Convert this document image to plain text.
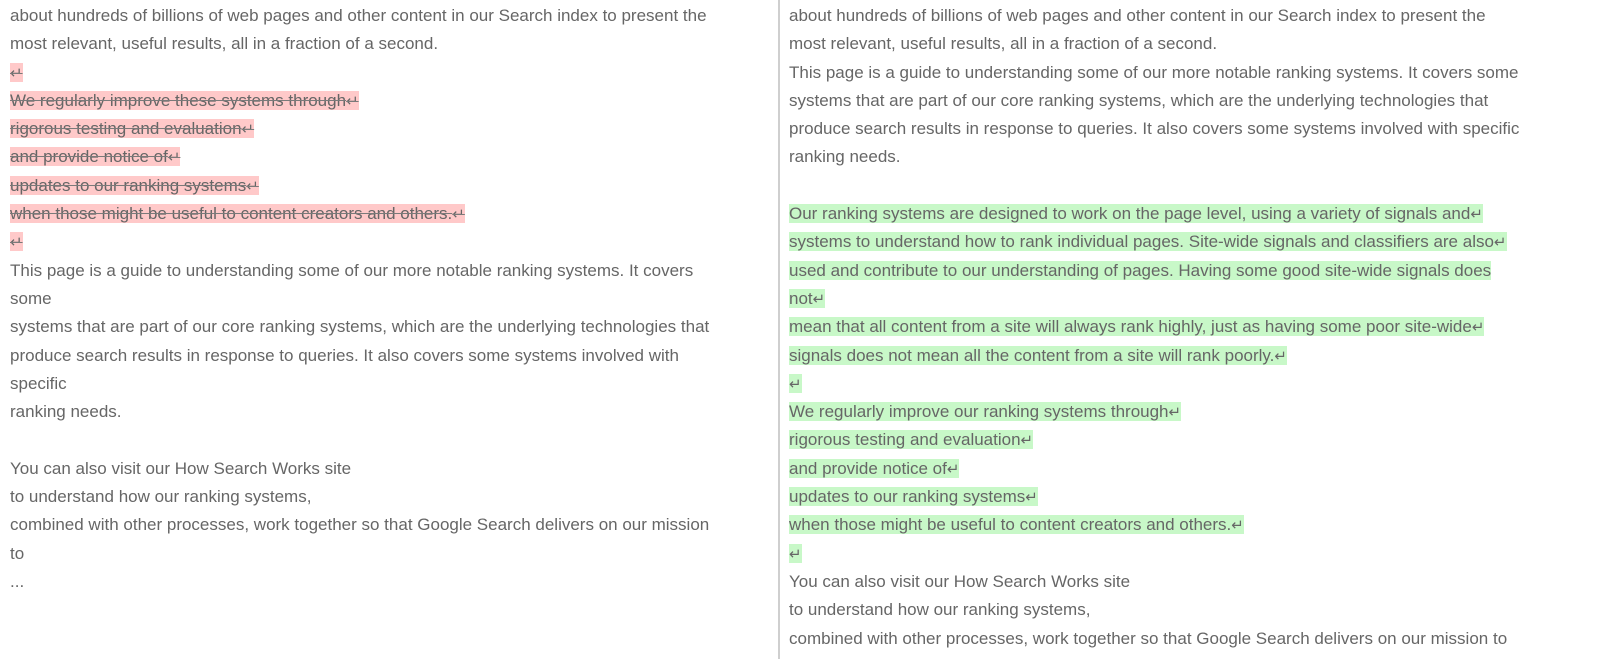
about hundreds of billions of web pages and other content in our Search index to present the
most relevant, useful results, all in a fraction of a second.
↵
We regularly improve these systems through↵
rigorous testing and evaluation↵
and provide notice of↵
updates to our ranking systems↵
when those might be useful to content creators and others.↵
↵
This page is a guide to understanding some of our more notable ranking systems. It covers
some
systems that are part of our core ranking systems, which are the underlying technologies that
produce search results in response to queries. It also covers some systems involved with
specific
ranking needs.
You can also visit our How Search Works site
to understand how our ranking systems,
combined with other processes, work together so that Google Search delivers on our mission
to
...
about hundreds of billions of web pages and other content in our Search index to present the
most relevant, useful results, all in a fraction of a second.
This page is a guide to understanding some of our more notable ranking systems. It covers some
systems that are part of our core ranking systems, which are the underlying technologies that
produce search results in response to queries. It also covers some systems involved with specific
ranking needs.
Our ranking systems are designed to work on the page level, using a variety of signals and↵
systems to understand how to rank individual pages. Site-wide signals and classifiers are also↵
used and contribute to our understanding of pages. Having some good site-wide signals does
not↵
mean that all content from a site will always rank highly, just as having some poor site-wide↵
signals does not mean all the content from a site will rank poorly.↵
↵
We regularly improve our ranking systems through↵
rigorous testing and evaluation↵
and provide notice of↵
updates to our ranking systems↵
when those might be useful to content creators and others.↵
↵
You can also visit our How Search Works site
to understand how our ranking systems,
combined with other processes, work together so that Google Search delivers on our mission to
